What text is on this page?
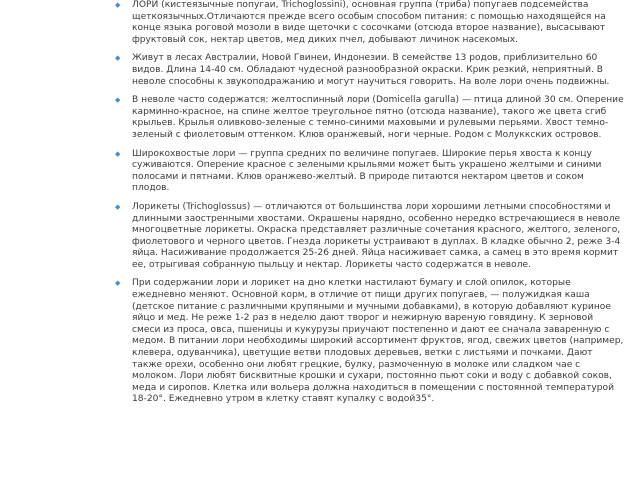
◆ ЛОРИ (кистеязычные попугаи, Trichoglossini), основная группа (триба) попугаев подсемейства щеткоязычных.Отличаются прежде всего особым способом питания: с помощью находящейся на конце языка роговой мозоли в виде щеточки с сосочками (отсюда второе название), высасывают фруктовый сок, нектар цветов, мед диких пчел, добывают личинок насекомых.
◆ Живут в лесах Австралии, Новой Гвинеи, Индонезии. В семействе 13 родов, приблизительно 60 видов. Длина 14-40 см. Обладают чудесной разнообразной окраски. Крик резкий, неприятный. В неволе способны к звукоподражанию и могут научиться говорить. На воле лори очень подвижны.
◆ В неволе часто содержатся: желтоспинный лори (Domicella garulla) — птица длиной 30 см. Оперение карминно-красное, на спине желтое треугольное пятно (отсюда название), такого же цвета сгиб крыльев. Крылья оливково-зеленые с темно-синими маховыми и рулевыми перьями. Хвост темно-зеленый с фиолетовым оттенком. Клюв оранжевый, ноги черные. Родом с Молуккских островов.
◆ Широкохвостые лори — группа средних по величине попугаев. Широкие перья хвоста к концу суживаются. Оперение красное с зелеными крыльями может быть украшено желтыми и синими полосами и пятнами. Клюв оранжево-желтый. В природе питаются нектаром цветов и соком плодов.
◆ Лорикеты (Trichoglossus) — отличаются от большинства лори хорошими летными способностями и длинными заостренными хвостами. Окрашены нарядно, особенно нередко встречающиеся в неволе многоцветные лорикеты. Окраска представляет различные сочетания красного, желтого, зеленого, фиолетового и черного цветов. Гнезда лорикеты устраивают в дуплах. В кладке обычно 2, реже 3-4 яйца. Насиживание продолжается 25-26 дней. Яйца насиживает самка, а самец в это время кормит ее, отрыгивая собранную пыльцу и нектар. Лорикеты часто содержатся в неволе.
◆ При содержании лори и лорикет на дно клетки настилают бумагу и слой опилок, которые ежедневно меняют. Основной корм, в отличие от пищи других попугаев, — полужидкая каша (детское питание с различными крупяными и мучными добавками), в которую добавляют куриное яйцо и мед. Не реже 1-2 раз в неделю дают творог и нежирную вареную говядину. К зерновой смеси из проса, овса, пшеницы и кукурузы приучают постепенно и дают ее сначала заваренную с медом. В питании лори необходимы широкий ассортимент фруктов, ягод, свежих цветов (например, клевера, одуванчика), цветущие ветви плодовых деревьев, ветки с листьями и почками. Дают также орехи, особенно они любят грецкие, булку, размоченную в молоке или сладком чае с молоком. Лори любят бисквитные крошки и сухари, постоянно пьют соки и воду с добавкой соков, меда и сиропов. Клетка или вольера должна находиться в помещении с постоянной температурой 18-20°. Ежедневно утром в клетку ставят купалку с водой35°.
